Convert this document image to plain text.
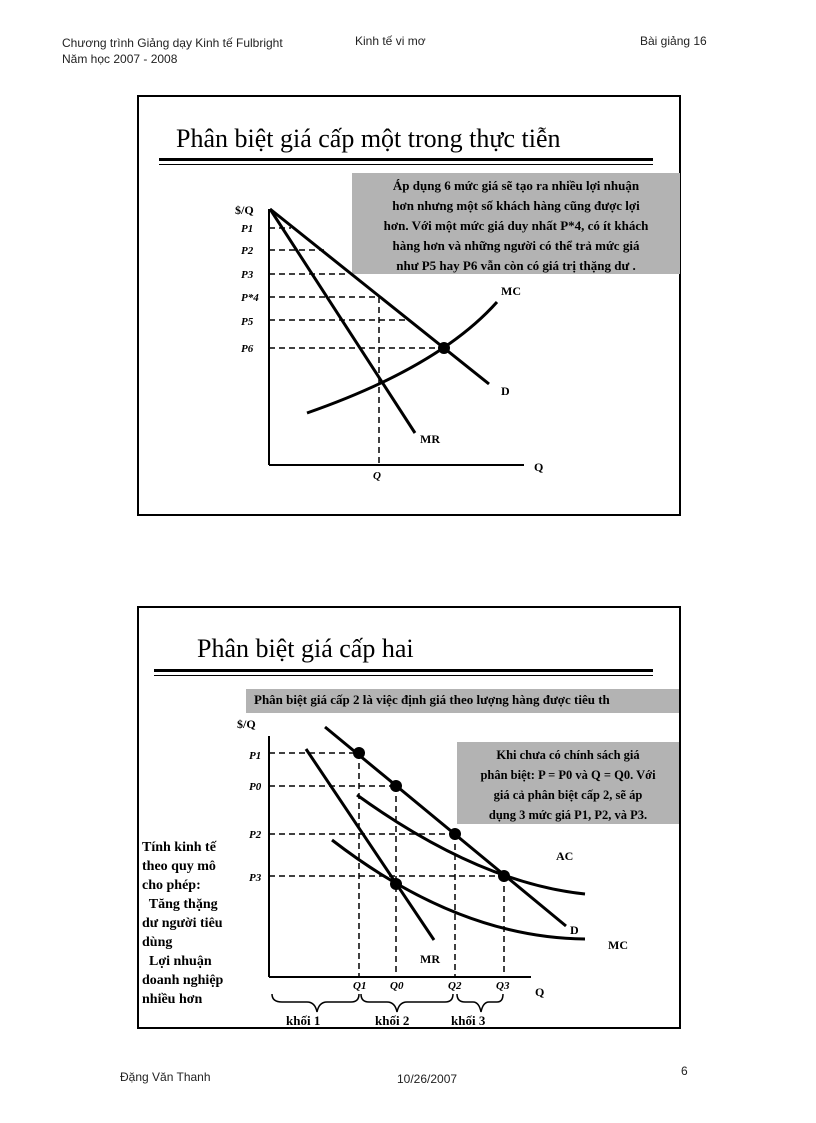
Chương trình Giảng dạy Kinh tế Fulbright
Năm học 2007 - 2008
Kinh tế vi mơ	Bài giảng 16
Phân biệt giá cấp một trong thực tiễn
Áp dụng 6 mức giá sẽ tạo ra nhiều lợi nhuận
hơn nhưng một số khách hàng cũng được lợi
hơn. Với một mức giá duy nhất P*4, có ít khách
hàng hơn và những người có thể trả mức giá
như P5 hay P6 vẫn còn có giá trị thặng dư .
$/Q
Q
P1
P2
P3
P*4
P5
P6
Q
MC
D
MR
Phân biệt giá cấp hai
Phân biệt giá cấp 2 là việc định giá theo lượng hàng được tiêu th
Khi chưa có chính sách giá
phân biệt: P = P0 và Q = Q0. Với
giá cả phân biệt cấp 2, sẽ áp
dụng 3 mức giá P1, P2, và P3.
Tính kinh tế
theo quy mô
cho phép:
Tăng thặng
dư người tiêu
dùng
Lợi nhuận
doanh nghiệp
nhiều hơn
$/Q
Q
P1
P0
P2
P3
Q1 Q0	Q2	Q3
AC
D
MC
MR
khối 1	khối 2	khối 3
Đặng Văn Thanh	10/26/2007
6
